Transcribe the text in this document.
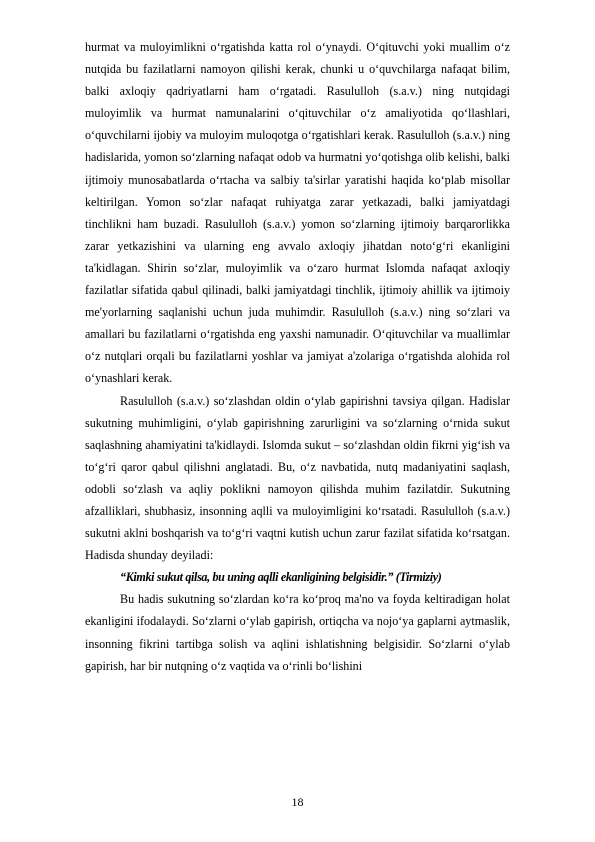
hurmat va muloyimlikni o‘rgatishda katta rol o‘ynaydi. O‘qituvchi yoki muallim o‘z nutqida bu fazilatlarni namoyon qilishi kerak, chunki u o‘quvchilarga nafaqat bilim, balki axloqiy qadriyatlarni ham o‘rgatadi. Rasululloh (s.a.v.) ning nutqidagi muloyimlik va hurmat namunalarini o‘qituvchilar o‘z amaliyotida qo‘llashlari, o‘quvchilarni ijobiy va muloyim muloqotga o‘rgatishlari kerak. Rasululloh (s.a.v.) ning hadislarida, yomon so‘zlarning nafaqat odob va hurmatni yo‘qotishga olib kelishi, balki ijtimoiy munosabatlarda o‘rtacha va salbiy ta'sirlar yaratishi haqida ko‘plab misollar keltirilgan. Yomon so‘zlar nafaqat ruhiyatga zarar yetkazadi, balki jamiyatdagi tinchlikni ham buzadi. Rasululloh (s.a.v.) yomon so‘zlarning ijtimoiy barqarorlikka zarar yetkazishini va ularning eng avvalo axloqiy jihatdan noto‘g‘ri ekanligini ta'kidlagan. Shirin so‘zlar, muloyimlik va o‘zaro hurmat Islomda nafaqat axloqiy fazilatlar sifatida qabul qilinadi, balki jamiyatdagi tinchlik, ijtimoiy ahillik va ijtimoiy me'yorlarning saqlanishi uchun juda muhimdir. Rasululloh (s.a.v.) ning so‘zlari va amallari bu fazilatlarni o‘rgatishda eng yaxshi namunadir. O‘qituvchilar va muallimlar o‘z nutqlari orqali bu fazilatlarni yoshlar va jamiyat a'zolariga o‘rgatishda alohida rol o‘ynashlari kerak.

Rasululloh (s.a.v.) so‘zlashdan oldin o‘ylab gapirishni tavsiya qilgan. Hadislar sukutning muhimligini, o‘ylab gapirishning zarurligini va so‘zlarning o‘rnida sukut saqlashning ahamiyatini ta'kidlaydi. Islomda sukut – so‘zlashdan oldin fikrni yig‘ish va to‘g‘ri qaror qabul qilishni anglatadi. Bu, o‘z navbatida, nutq madaniyatini saqlash, odobli so‘zlash va aqliy poklikni namoyon qilishda muhim fazilatdir. Sukutning afzalliklari, shubhasiz, insonning aqlli va muloyimligini ko‘rsatadi. Rasululloh (s.a.v.) sukutni aklni boshqarish va to‘g‘ri vaqtni kutish uchun zarur fazilat sifatida ko‘rsatgan. Hadisda shunday deyiladi:

“Kimki sukut qilsa, bu uning aqlli ekanligining belgisidir.” (Tirmiziy)

Bu hadis sukutning so‘zlardan ko‘ra ko‘proq ma'no va foyda keltiradigan holat ekanligini ifodalaydi. So‘zlarni o‘ylab gapirish, ortiqcha va nojo‘ya gaplarni aytmaslik, insonning fikrini tartibga solish va aqlini ishlatishning belgisidir. So‘zlarni o‘ylab gapirish, har bir nutqning o‘z vaqtida va o‘rinli bo‘lishini

18
